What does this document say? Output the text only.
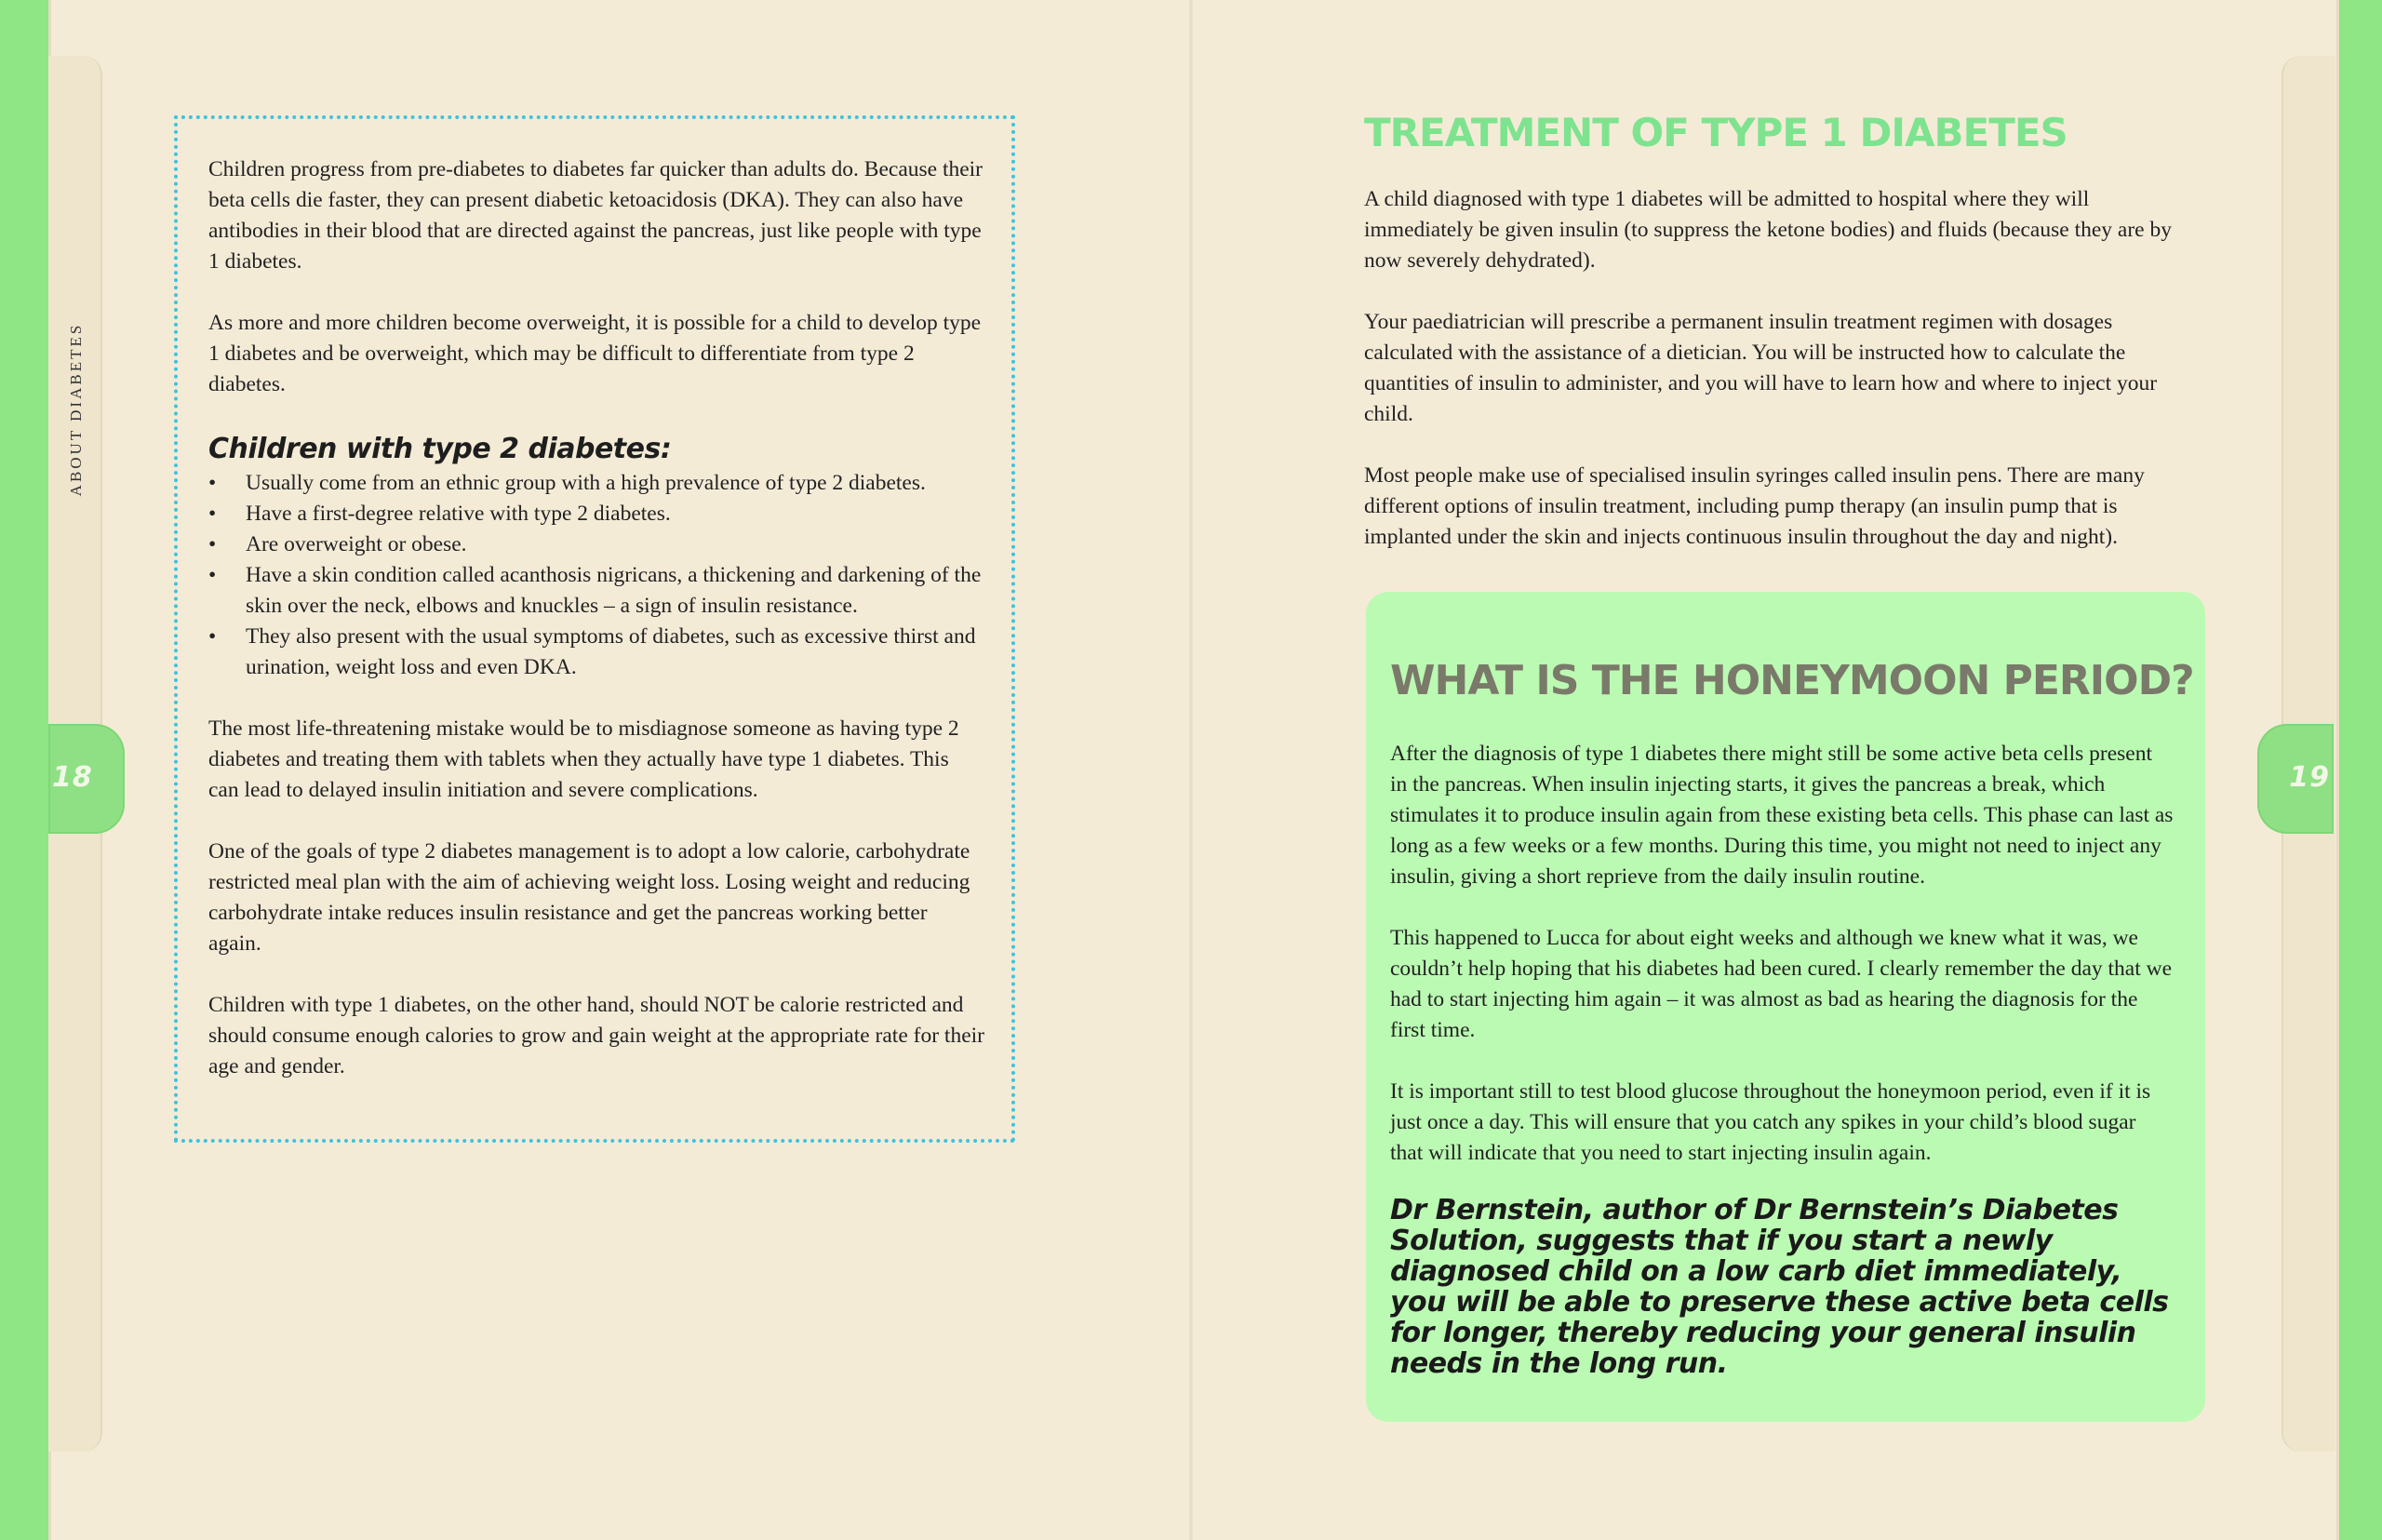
18	19
ABOUT DIABETES

Children progress from pre-diabetes to diabetes far quicker than adults do. Because their beta cells die faster, they can present diabetic ketoacidosis (DKA). They can also have antibodies in their blood that are directed against the pancreas, just like people with type 1 diabetes.

As more and more children become overweight, it is possible for a child to develop type 1 diabetes and be overweight, which may be difficult to differentiate from type 2 diabetes.

Children with type 2 diabetes:
• Usually come from an ethnic group with a high prevalence of type 2 diabetes.
• Have a first-degree relative with type 2 diabetes.
• Are overweight or obese.
• Have a skin condition called acanthosis nigricans, a thickening and darkening of the skin over the neck, elbows and knuckles – a sign of insulin resistance.
• They also present with the usual symptoms of diabetes, such as excessive thirst and urination, weight loss and even DKA.

The most life-threatening mistake would be to misdiagnose someone as having type 2 diabetes and treating them with tablets when they actually have type 1 diabetes. This can lead to delayed insulin initiation and severe complications.

One of the goals of type 2 diabetes management is to adopt a low calorie, carbohydrate restricted meal plan with the aim of achieving weight loss. Losing weight and reducing carbohydrate intake reduces insulin resistance and get the pancreas working better again.

Children with type 1 diabetes, on the other hand, should NOT be calorie restricted and should consume enough calories to grow and gain weight at the appropriate rate for their age and gender.

TREATMENT OF TYPE 1 DIABETES

A child diagnosed with type 1 diabetes will be admitted to hospital where they will immediately be given insulin (to suppress the ketone bodies) and fluids (because they are by now severely dehydrated).

Your paediatrician will prescribe a permanent insulin treatment regimen with dosages calculated with the assistance of a dietician. You will be instructed how to calculate the quantities of insulin to administer, and you will have to learn how and where to inject your child.

Most people make use of specialised insulin syringes called insulin pens. There are many different options of insulin treatment, including pump therapy (an insulin pump that is implanted under the skin and injects continuous insulin throughout the day and night).

WHAT IS THE HONEYMOON PERIOD?

After the diagnosis of type 1 diabetes there might still be some active beta cells present in the pancreas. When insulin injecting starts, it gives the pancreas a break, which stimulates it to produce insulin again from these existing beta cells. This phase can last as long as a few weeks or a few months. During this time, you might not need to inject any insulin, giving a short reprieve from the daily insulin routine.

This happened to Lucca for about eight weeks and although we knew what it was, we couldn’t help hoping that his diabetes had been cured. I clearly remember the day that we had to start injecting him again – it was almost as bad as hearing the diagnosis for the first time.

It is important still to test blood glucose throughout the honeymoon period, even if it is just once a day. This will ensure that you catch any spikes in your child’s blood sugar that will indicate that you need to start injecting insulin again.

Dr Bernstein, author of Dr Bernstein’s Diabetes Solution, suggests that if you start a newly diagnosed child on a low carb diet immediately, you will be able to preserve these active beta cells for longer, thereby reducing your general insulin needs in the long run.
